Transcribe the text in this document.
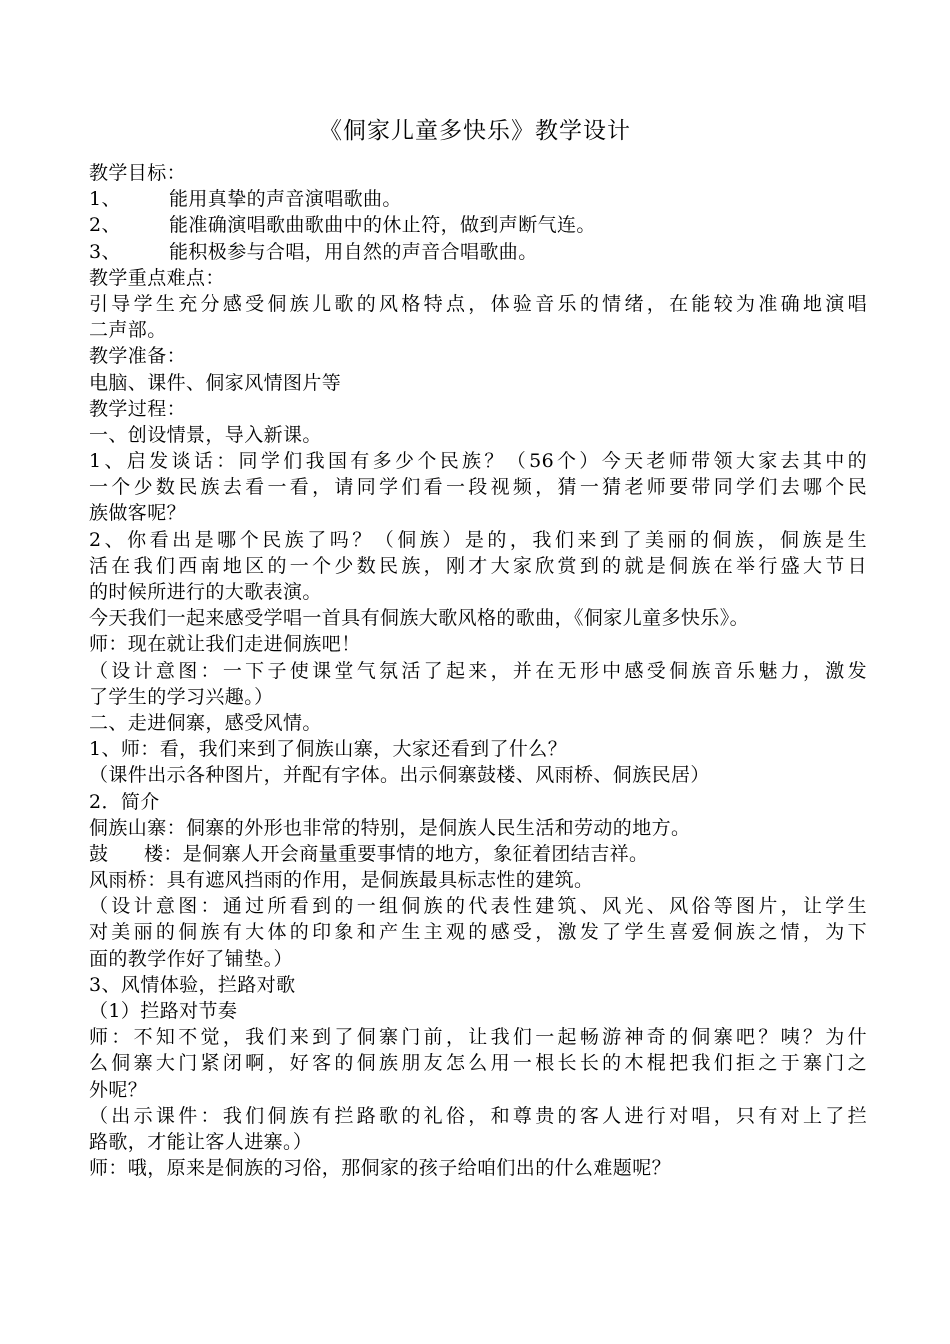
《侗家儿童多快乐》教学设计
教学目标：
1、	能用真挚的声音演唱歌曲。
2、	能准确演唱歌曲歌曲中的休止符，做到声断气连。
3、	能积极参与合唱，用自然的声音合唱歌曲。
教学重点难点：
引导学生充分感受侗族儿歌的风格特点，体验音乐的情绪，在能较为准确地演唱
二声部。
教学准备：
电脑、课件、侗家风情图片等
教学过程：
一、创设情景，导入新课。
1、启发谈话：同学们我国有多少个民族？（56个）今天老师带领大家去其中的
一个少数民族去看一看，请同学们看一段视频，猜一猜老师要带同学们去哪个民
族做客呢？
2、你看出是哪个民族了吗？（侗族）是的，我们来到了美丽的侗族，侗族是生
活在我们西南地区的一个少数民族，刚才大家欣赏到的就是侗族在举行盛大节日
的时候所进行的大歌表演。
今天我们一起来感受学唱一首具有侗族大歌风格的歌曲，《侗家儿童多快乐》。
师：现在就让我们走进侗族吧！
（设计意图：一下子使课堂气氛活了起来，并在无形中感受侗族音乐魅力，激发
了学生的学习兴趣。）
二、走进侗寨，感受风情。
1、师：看，我们来到了侗族山寨，大家还看到了什么？
（课件出示各种图片，并配有字体。出示侗寨鼓楼、风雨桥、侗族民居）
2．简介
侗族山寨：侗寨的外形也非常的特别，是侗族人民生活和劳动的地方。
鼓 楼：是侗寨人开会商量重要事情的地方，象征着团结吉祥。
风雨桥：具有遮风挡雨的作用，是侗族最具标志性的建筑。
（设计意图：通过所看到的一组侗族的代表性建筑、风光、风俗等图片，让学生
对美丽的侗族有大体的印象和产生主观的感受，激发了学生喜爱侗族之情，为下
面的教学作好了铺垫。）
3、风情体验，拦路对歌
（1）拦路对节奏
师：不知不觉，我们来到了侗寨门前，让我们一起畅游神奇的侗寨吧？咦？为什
么侗寨大门紧闭啊，好客的侗族朋友怎么用一根长长的木棍把我们拒之于寨门之
外呢？
（出示课件：我们侗族有拦路歌的礼俗，和尊贵的客人进行对唱，只有对上了拦
路歌，才能让客人进寨。）
师：哦，原来是侗族的习俗，那侗家的孩子给咱们出的什么难题呢？
